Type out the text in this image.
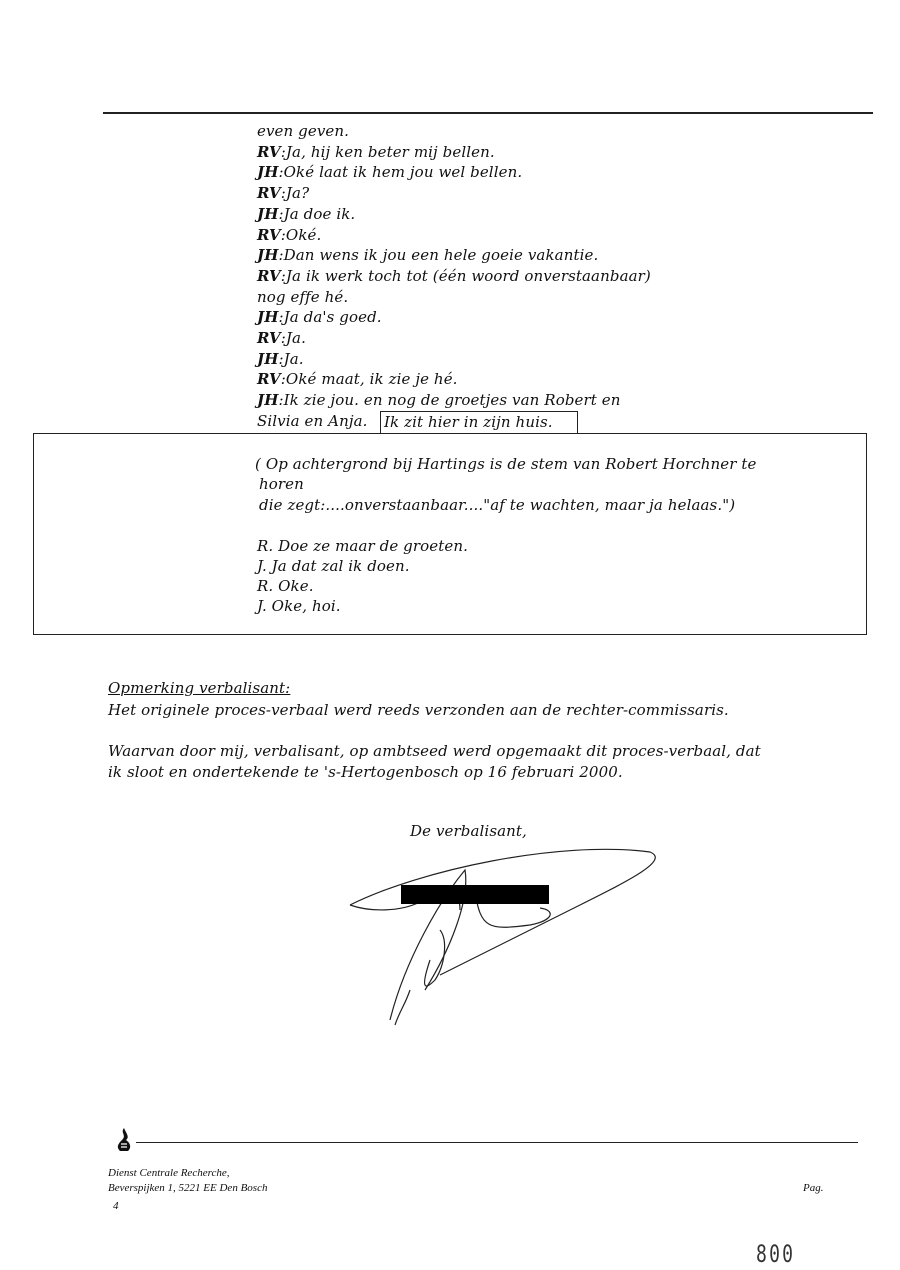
even geven.
RV:Ja, hij ken beter mij bellen.
JH:Oké laat ik hem jou wel bellen.
RV:Ja?
JH:Ja doe ik.
RV:Oké.
JH:Dan wens ik jou een hele goeie vakantie.
RV:Ja ik werk toch tot (één woord onverstaanbaar)
nog effe hé.
JH:Ja da's goed.
RV:Ja.
JH:Ja.
RV:Oké maat, ik zie je hé.
JH:Ik zie jou. en nog de groetjes van Robert en
Silvia en Anja. Ik zit hier in zijn huis.
( Op achtergrond bij Hartings is de stem van Robert Horchner te
horen
die zegt:....onverstaanbaar...."af te wachten, maar ja helaas.")
R. Doe ze maar de groeten.
J. Ja dat zal ik doen.
R. Oke.
J. Oke, hoi.
Opmerking verbalisant:
Het originele proces-verbaal werd reeds verzonden aan de rechter-commissaris.
Waarvan door mij, verbalisant, op ambtseed werd opgemaakt dit proces-verbaal, dat
ik sloot en ondertekende te 's-Hertogenbosch op 16 februari 2000.
De verbalisant,
Dienst Centrale Recherche,
Beverspijken 1, 5221 EE Den Bosch
4
Pag.
800
